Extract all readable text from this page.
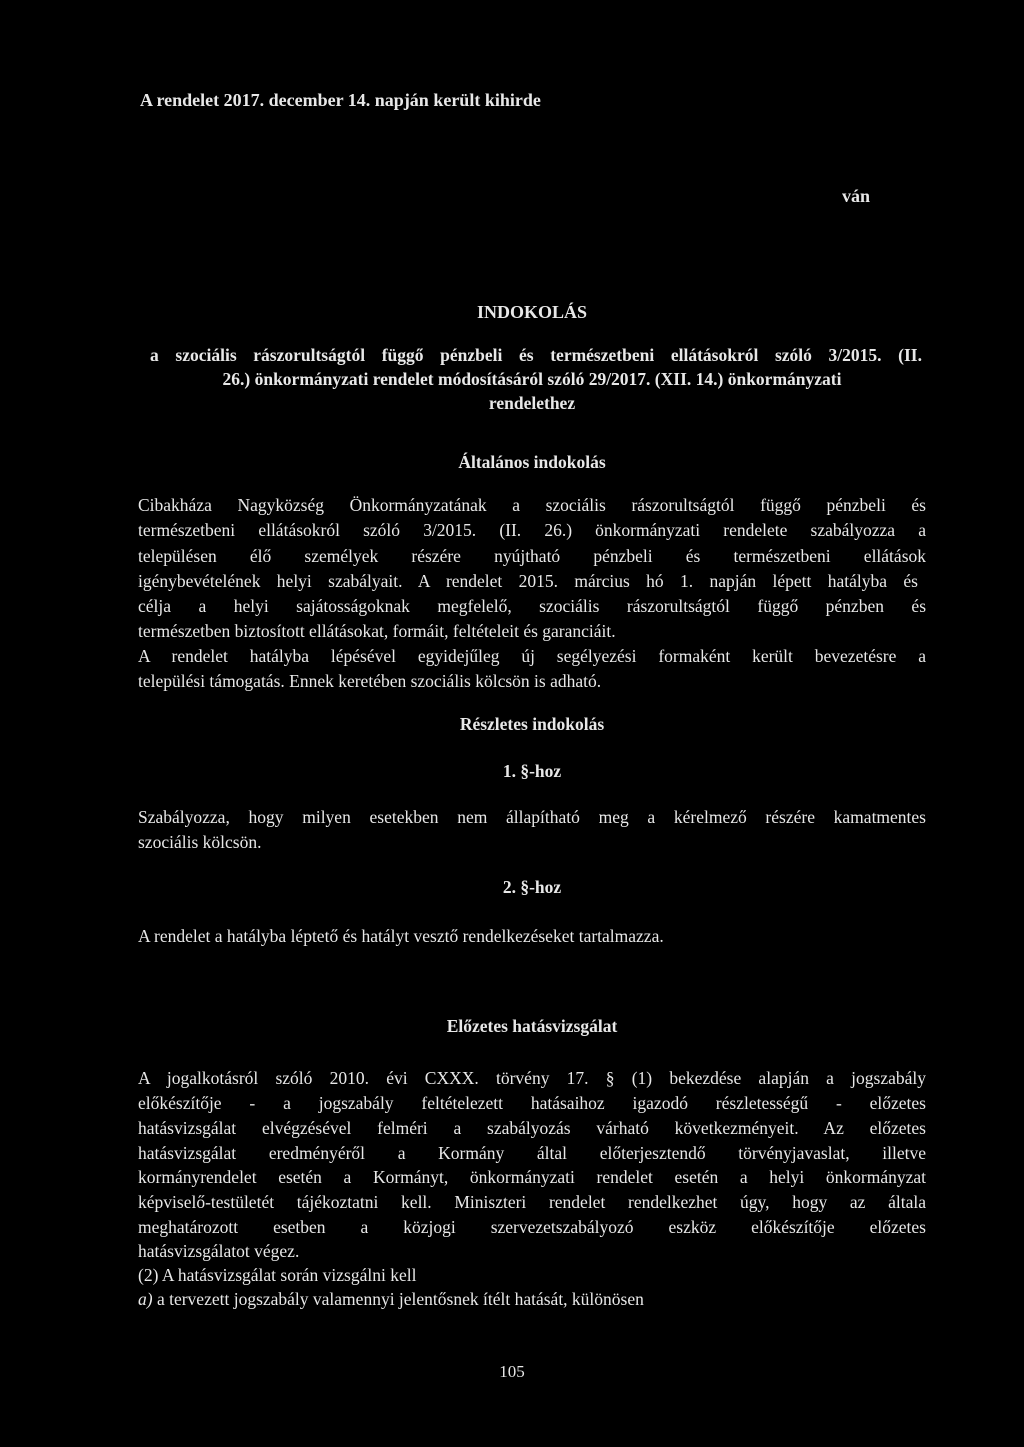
A rendelet 2017. december 14. napján került kihirde
ván
INDOKOLÁS
a szociális rászorultságtól függő pénzbeli és természetbeni ellátásokról szóló 3/2015. (II.
26.) önkormányzati rendelet módosításáról szóló 29/2017. (XII. 14.) önkormányzati
rendelethez
Általános indokolás
Cibakháza Nagyközség Önkormányzatának a szociális rászorultságtól függő pénzbeli és
természetbeni ellátásokról szóló 3/2015. (II. 26.) önkormányzati rendelete szabályozza a
településen élő személyek részére nyújtható pénzbeli és természetbeni ellátások
igénybevételének helyi szabályait. A rendelet 2015. március hó 1. napján lépett hatályba és
célja a helyi sajátosságoknak megfelelő, szociális rászorultságtól függő pénzben és
természetben biztosított ellátásokat, formáit, feltételeit és garanciáit.
A rendelet hatályba lépésével egyidejűleg új segélyezési formaként került bevezetésre a
települési támogatás. Ennek keretében szociális kölcsön is adható.
Részletes indokolás
1. §-hoz
Szabályozza, hogy milyen esetekben nem állapítható meg a kérelmező részére kamatmentes
szociális kölcsön.
2. §-hoz
A rendelet a hatályba léptető és hatályt vesztő rendelkezéseket tartalmazza.
Előzetes hatásvizsgálat
A jogalkotásról szóló 2010. évi CXXX. törvény 17. § (1) bekezdése alapján a jogszabály
előkészítője - a jogszabály feltételezett hatásaihoz igazodó részletességű - előzetes
hatásvizsgálat elvégzésével felméri a szabályozás várható következményeit. Az előzetes
hatásvizsgálat eredményéről a Kormány által előterjesztendő törvényjavaslat, illetve
kormányrendelet esetén a Kormányt, önkormányzati rendelet esetén a helyi önkormányzat
képviselő-testületét tájékoztatni kell. Miniszteri rendelet rendelkezhet úgy, hogy az általa
meghatározott esetben a közjogi szervezetszabályozó eszköz előkészítője előzetes
hatásvizsgálatot végez.
(2) A hatásvizsgálat során vizsgálni kell
a) a tervezett jogszabály valamennyi jelentősnek ítélt hatását, különösen
105
